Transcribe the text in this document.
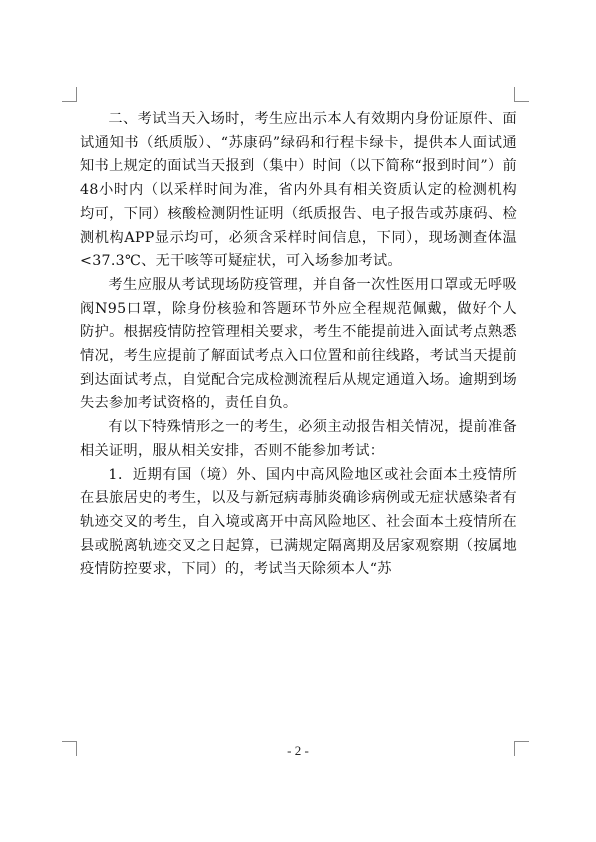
二、考试当天入场时，考生应出示本人有效期内身份证原件、面试通知书（纸质版）、“苏康码”绿码和行程卡绿卡，提供本人面试通知书上规定的面试当天报到（集中）时间（以下简称“报到时间”）前48小时内（以采样时间为准，省内外具有相关资质认定的检测机构均可，下同）核酸检测阴性证明（纸质报告、电子报告或苏康码、检测机构APP显示均可，必须含采样时间信息，下同），现场测查体温<37.3℃、无干咳等可疑症状，可入场参加考试。

考生应服从考试现场防疫管理，并自备一次性医用口罩或无呼吸阀N95口罩，除身份核验和答题环节外应全程规范佩戴，做好个人防护。根据疫情防控管理相关要求，考生不能提前进入面试考点熟悉情况，考生应提前了解面试考点入口位置和前往线路，考试当天提前到达面试考点，自觉配合完成检测流程后从规定通道入场。逾期到场失去参加考试资格的，责任自负。

有以下特殊情形之一的考生，必须主动报告相关情况，提前准备相关证明，服从相关安排，否则不能参加考试：

1．近期有国（境）外、国内中高风险地区或社会面本土疫情所在县旅居史的考生，以及与新冠病毒肺炎确诊病例或无症状感染者有轨迹交叉的考生，自入境或离开中高风险地区、社会面本土疫情所在县或脱离轨迹交叉之日起算，已满规定隔离期及居家观察期（按属地疫情防控要求，下同）的，考试当天除须本人“苏

- 2 -
